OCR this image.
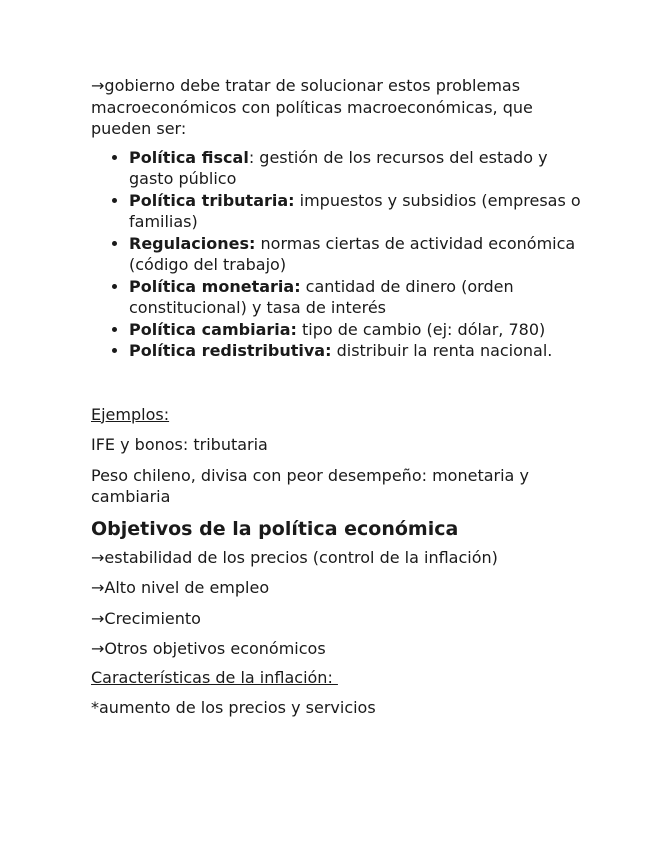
→gobierno debe tratar de solucionar estos problemas macroeconómicos con políticas macroeconómicas, que pueden ser:

• Política fiscal: gestión de los recursos del estado y gasto público
• Política tributaria: impuestos y subsidios (empresas o familias)
• Regulaciones: normas ciertas de actividad económica (código del trabajo)
• Política monetaria: cantidad de dinero (orden constitucional) y tasa de interés
• Política cambiaria: tipo de cambio (ej: dólar, 780)
• Política redistributiva: distribuir la renta nacional.

Ejemplos:

IFE y bonos: tributaria

Peso chileno, divisa con peor desempeño: monetaria y cambiaria

Objetivos de la política económica

→estabilidad de los precios (control de la inflación)

→Alto nivel de empleo

→Crecimiento

→Otros objetivos económicos

Características de la inflación:

*aumento de los precios y servicios
